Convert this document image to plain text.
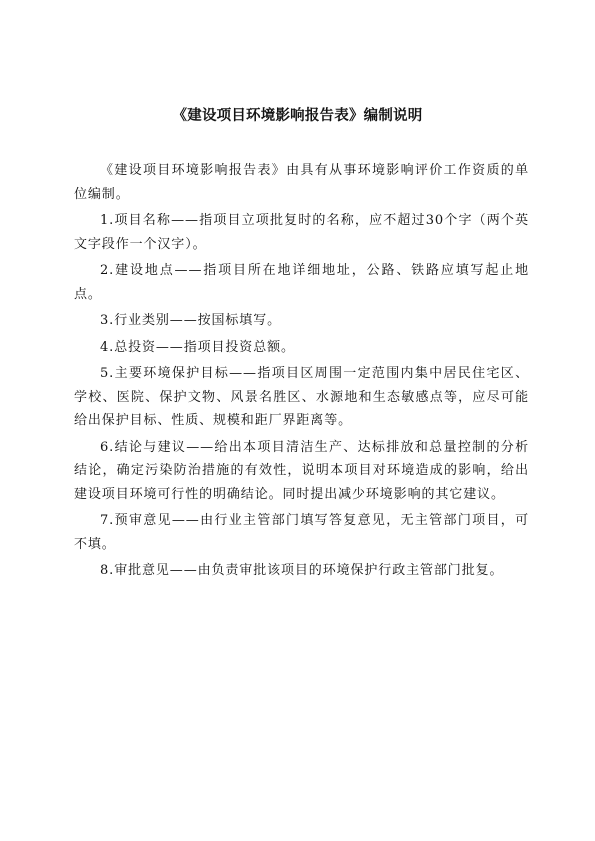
《建设项目环境影响报告表》编制说明

《建设项目环境影响报告表》由具有从事环境影响评价工作资质的单位编制。

1.项目名称——指项目立项批复时的名称，应不超过30个字（两个英文字段作一个汉字）。

2.建设地点——指项目所在地详细地址，公路、铁路应填写起止地点。

3.行业类别——按国标填写。

4.总投资——指项目投资总额。

5.主要环境保护目标——指项目区周围一定范围内集中居民住宅区、学校、医院、保护文物、风景名胜区、水源地和生态敏感点等，应尽可能给出保护目标、性质、规模和距厂界距离等。

6.结论与建议——给出本项目清洁生产、达标排放和总量控制的分析结论，确定污染防治措施的有效性，说明本项目对环境造成的影响，给出建设项目环境可行性的明确结论。同时提出减少环境影响的其它建议。

7.预审意见——由行业主管部门填写答复意见，无主管部门项目，可不填。

8.审批意见——由负责审批该项目的环境保护行政主管部门批复。
